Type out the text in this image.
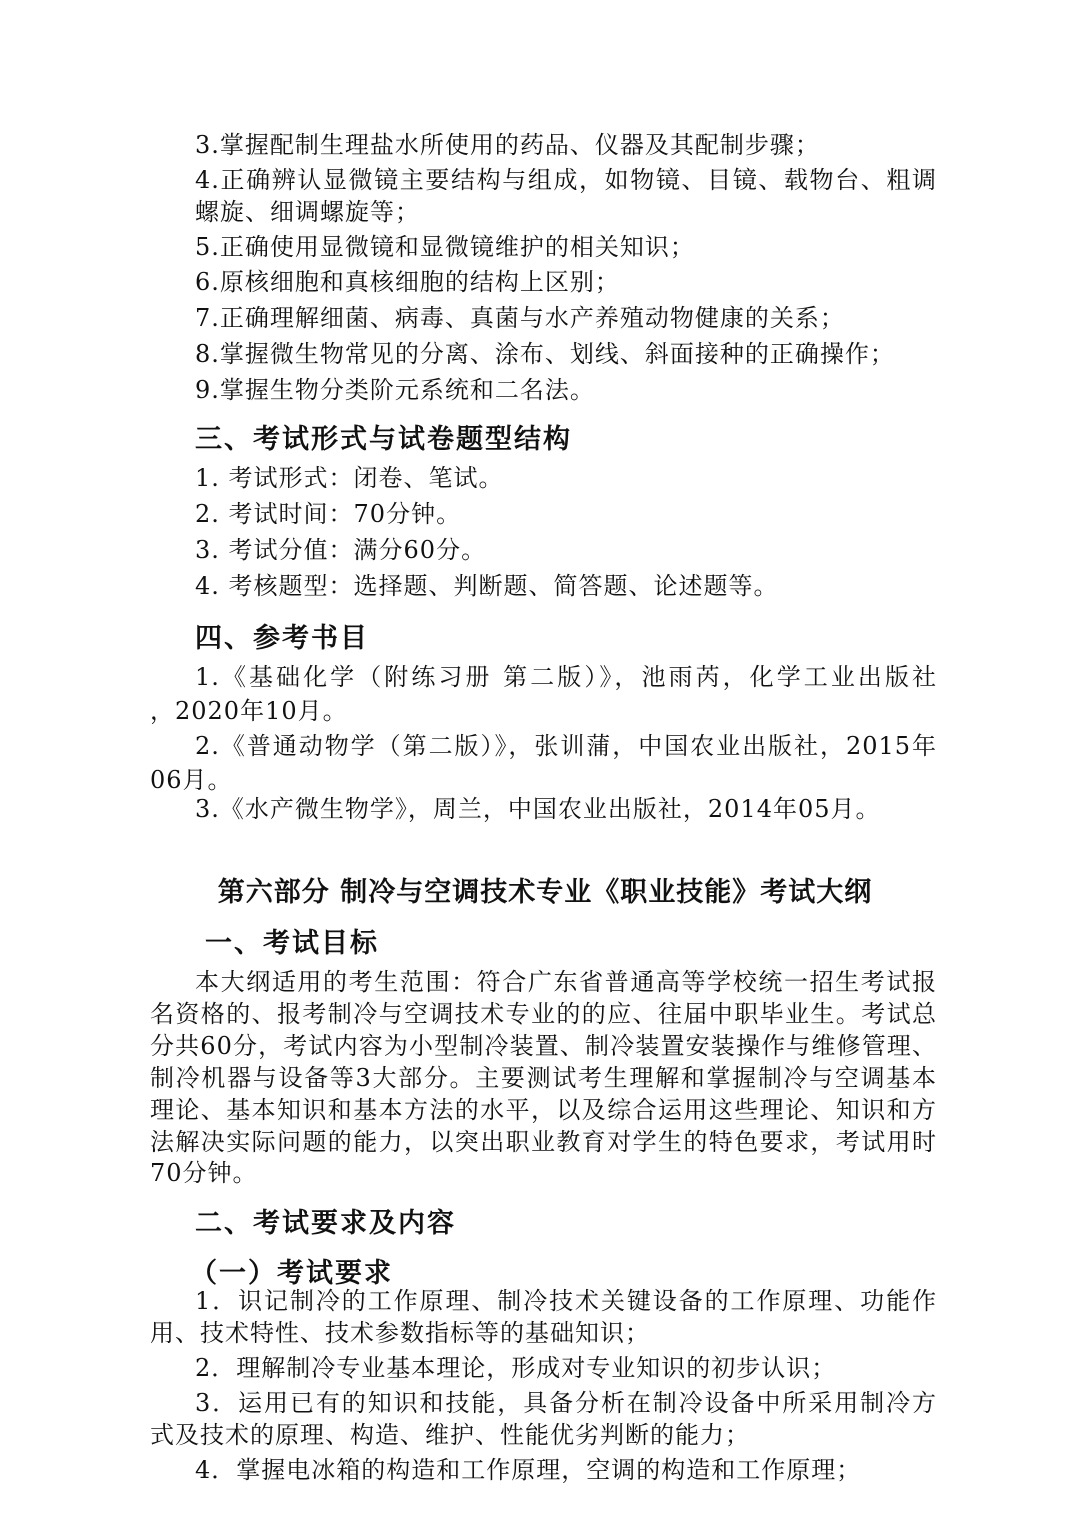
3.掌握配制生理盐水所使用的药品、仪器及其配制步骤；
4.正确辨认显微镜主要结构与组成，如物镜、目镜、载物台、粗调
螺旋、细调螺旋等；
5.正确使用显微镜和显微镜维护的相关知识；
6.原核细胞和真核细胞的结构上区别；
7.正确理解细菌、病毒、真菌与水产养殖动物健康的关系；
8.掌握微生物常见的分离、涂布、划线、斜面接种的正确操作；
9.掌握生物分类阶元系统和二名法。
三、考试形式与试卷题型结构
1. 考试形式：闭卷、笔试。
2. 考试时间：70分钟。
3. 考试分值：满分60分。
4. 考核题型：选择题、判断题、简答题、论述题等。
四、参考书目
1.《基础化学（附练习册 第二版）》，池雨芮，化学工业出版社
，2020年10月。
2.《普通动物学（第二版）》，张训蒲，中国农业出版社，2015年
06月。
3.《水产微生物学》，周兰，中国农业出版社，2014年05月。
第六部分 制冷与空调技术专业《职业技能》考试大纲
一、考试目标
本大纲适用的考生范围：符合广东省普通高等学校统一招生考试报
名资格的、报考制冷与空调技术专业的的应、往届中职毕业生。考试总
分共60分，考试内容为小型制冷装置、制冷装置安装操作与维修管理、
制冷机器与设备等3大部分。主要测试考生理解和掌握制冷与空调基本
理论、基本知识和基本方法的水平，以及综合运用这些理论、知识和方
法解决实际问题的能力，以突出职业教育对学生的特色要求，考试用时
70分钟。
二、考试要求及内容
（一）考试要求
1．识记制冷的工作原理、制冷技术关键设备的工作原理、功能作
用、技术特性、技术参数指标等的基础知识；
2．理解制冷专业基本理论，形成对专业知识的初步认识；
3．运用已有的知识和技能，具备分析在制冷设备中所采用制冷方
式及技术的原理、构造、维护、性能优劣判断的能力；
4．掌握电冰箱的构造和工作原理，空调的构造和工作原理；
